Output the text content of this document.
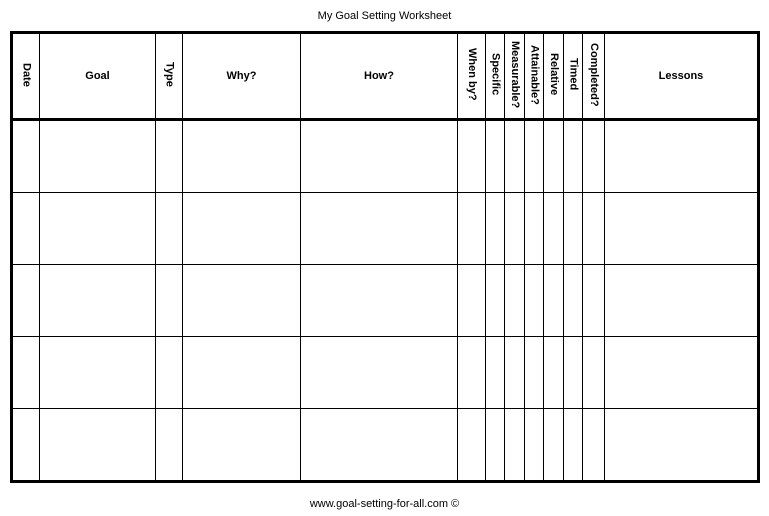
My Goal Setting Worksheet
Date	Goal	Type	Why?	How?	When by?	Specific	Measurable?	Attainable?	Relative	Timed	Completed?	Lessons

www.goal-setting-for-all.com ©
